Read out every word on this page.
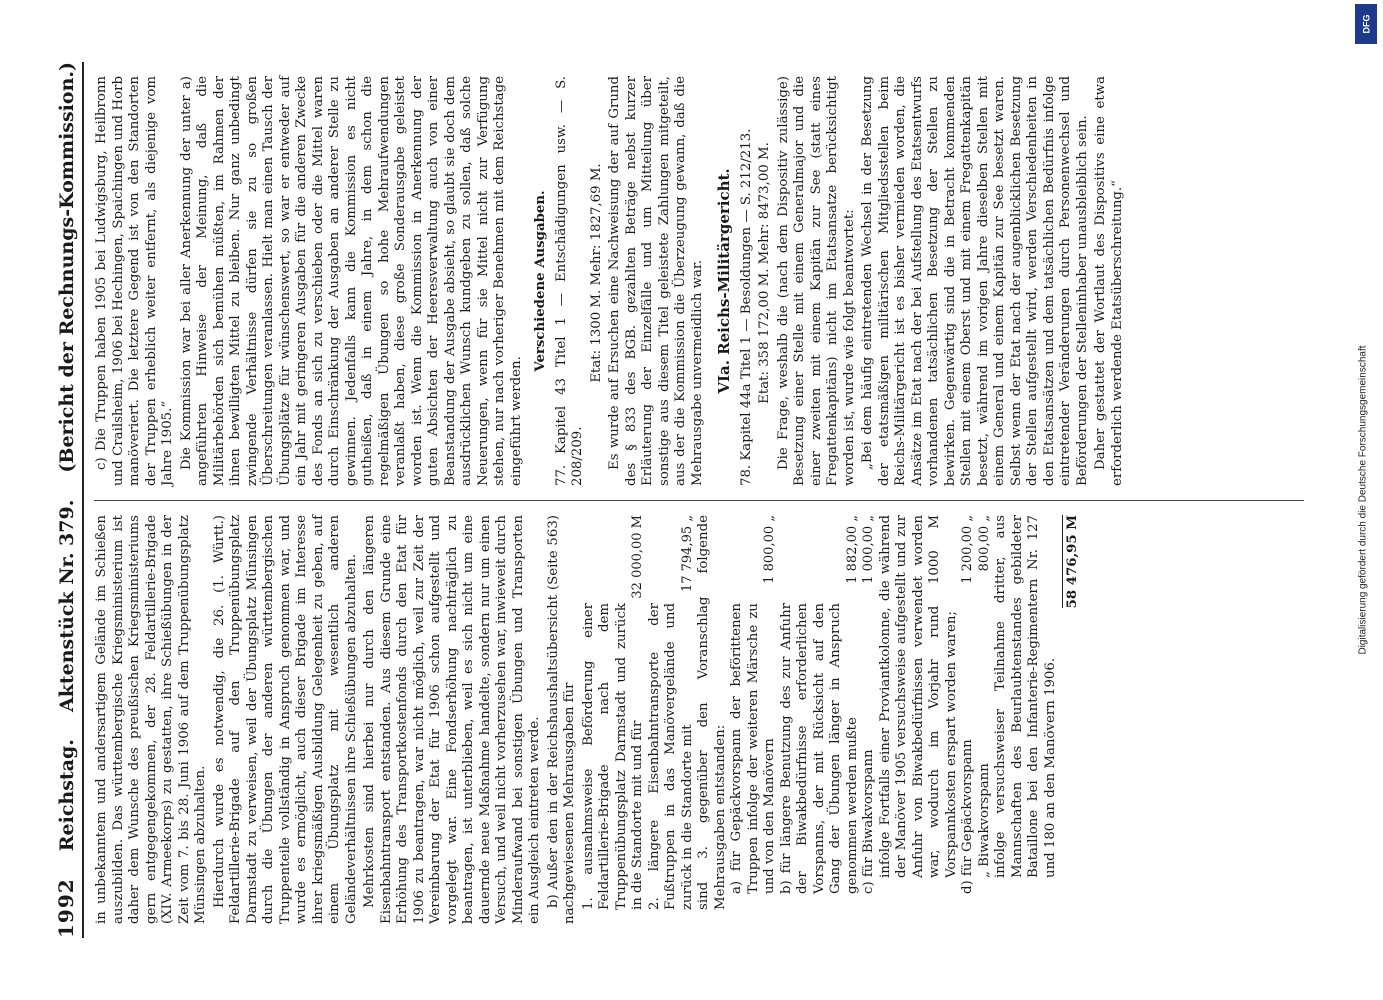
1992
Reichstag.
Aktenstück Nr. 379.
(Bericht der Rechnungs-Kommission.)

in unbekanntem und andersartigem Gelände im Schießen auszubilden. Das württembergische Kriegsministerium ist daher dem Wunsche des preußischen Kriegsministeriums gern entgegengekommen, der 28. Feldartillerie-Brigade (XIV. Armeekorps) zu gestatten, ihre Schießübungen in der Zeit vom 7. bis 28. Juni 1906 auf dem Truppenübungsplatz Münsingen abzuhalten. Hierdurch wurde es notwendig, die 26. (1. Württ.) Feldartillerie-Brigade auf den Truppenübungsplatz Darmstadt zu verweisen, weil der Übungsplatz Münsingen durch die Übungen der anderen württembergischen Truppenteile vollständig in Anspruch genommen war, und wurde es ermöglicht, auch dieser Brigade im Interesse ihrer kriegsmäßigen Ausbildung Gelegenheit zu geben, auf einem Übungsplatz mit wesentlich anderen Geländeverhältnissen ihre Schießübungen abzuhalten. Mehrkosten sind hierbei nur durch den längeren Eisenbahntransport entstanden. Aus diesem Grunde eine Erhöhung des Transportkostenfonds durch den Etat für 1906 zu beantragen, war nicht möglich, weil zur Zeit der Vereinbarung der Etat für 1906 schon aufgestellt und vorgelegt war. Eine Fondserhöhung nachträglich zu beantragen, ist unterblieben, weil es sich nicht um eine dauernde neue Maßnahme handelte, sondern nur um einen Versuch, und weil nicht vorherzusehen war, inwieweit durch Minderaufwand bei sonstigen Übungen und Transporten ein Ausgleich eintreten werde. b) Außer den in der Reichshaushaltsübersicht (Seite 563) nachgewiesenen Mehrausgaben für 1. ausnahmsweise Beförderung einer Feldartillerie-Brigade nach dem Truppenübungsplatz Darmstadt und zurück in die Standorte mit und für
32 000,00 M
2. längere Eisenbahntransporte der Fußtruppen in das Manövergelände und zurück in die Standorte mit
17 794,95 „ sind 3. gegenüber den Voranschlag folgende Mehrausgaben entstanden: a) für Gepäckvorspann der beförittenen Truppen infolge der weiteren Märsche zu und von den Manövern
1 800,00 „
b) für längere Benutzung des zur Anfuhr der Biwakbedürfnisse erforderlichen Vorspanns, der mit Rücksicht auf den Gang der Übungen länger in Anspruch genommen werden mußte
1 882,00 „
c) für Biwakvorspann
1 000,00 „ infolge Fortfalls einer Proviantkolonne, die während der Manöver 1905 versuchsweise aufgestellt und zur Anfuhr von Biwakbedürfnissen verwendet worden war, wodurch im Vorjahr rund 1000 M Vorspannkosten erspart worden waren; d) für Gepäckvorspann
1 200,00 „
„ Biwakvorspann
800,00 „ infolge versuchsweiser Teilnahme dritter, aus Mannschaften des Beurlaubtenstandes gebildeter Bataillone bei den Infanterie-Regimentern Nr. 127 und 180 an den Manövern 1906.
58 476,95 M

c) Die Truppen haben 1905 bei Ludwigsburg, Heilbronn und Crailsheim, 1906 bei Hechingen, Spaichingen und Horb manöveriert. Die letztere Gegend ist von den Standorten der Truppen erheblich weiter entfernt, als diejenige vom Jahre 1905.“ Die Kommission war bei aller Anerkennung der unter a) angeführten Hinweise der Meinung, daß die Militärbehörden sich bemühen müßten, im Rahmen der ihnen bewilligten Mittel zu bleiben. Nur ganz unbedingt zwingende Verhältnisse dürfen sie zu so großen Überschreitungen veranlassen. Hielt man einen Tausch der Übungsplätze für wünschenswert, so war er entweder auf ein Jahr mit geringeren Ausgaben für die anderen Zwecke des Fonds an sich zu verschieben oder die Mittel waren durch Einschränkung der Ausgaben an anderer Stelle zu gewinnen. Jedenfalls kann die Kommission es nicht gutheißen, daß in einem Jahre, in dem schon die regelmäßigen Übungen so hohe Mehraufwendungen veranlaßt haben, diese große Sonderausgabe geleistet worden ist. Wenn die Kommission in Anerkennung der guten Absichten der Heeresverwaltung auch von einer Beanstandung der Ausgabe absieht, so glaubt sie doch dem ausdrücklichen Wunsch kundgeben zu sollen, daß solche Neuerungen, wenn für sie Mittel nicht zur Verfügung stehen, nur nach vorheriger Benehmen mit dem Reichstage eingeführt werden.

Verschiedene Ausgaben. 77. Kapitel 43 Titel 1 — Entschädigungen usw. — S. 208/209.

Etat: 1300 M. Mehr: 1827,69 M. Es wurde auf Ersuchen eine Nachweisung der auf Grund des § 833 des BGB. gezahlten Beträge nebst kurzer Erläuterung der Einzelfälle und um Mitteilung über sonstige aus diesem Titel geleistete Zahlungen mitgeteilt, aus der die Kommission die Überzeugung gewann, daß die Mehrausgabe unvermeidlich war. VIa. Reichs-Militärgericht. 78. Kapitel 44a Titel 1 — Besoldungen — S. 212/213. Etat: 358 172,00 M. Mehr: 8473,00 M. Die Frage, weshalb die (nach dem Dispositiv zulässige) Besetzung einer Stelle mit einem Generalmajor und die einer zweiten mit einem Kapitän zur See (statt eines Fregattenkapitäns) nicht im Etatsansatze berücksichtigt worden ist, wurde wie folgt beantwortet: „Bei dem häufig eintretenden Wechsel in der Besetzung der etatsmäßigen militärischen Mitgliedsstellen beim Reichs-Militärgericht ist es bisher vermieden worden, die Ansätze im Etat nach der bei Aufstellung des Etatsentwurfs vorhandenen tatsächlichen Besetzung der Stellen zu bewirken. Gegenwärtig sind die in Betracht kommenden Stellen mit einem Oberst und mit einem Fregattenkapitän besetzt, während im vorigen Jahre dieselben Stellen mit einem General und einem Kapitän zur See besetzt waren. Selbst wenn der Etat nach der augenblicklichen Besetzung der Stellen aufgestellt wird, werden Verschiedenheiten in den Etatsansätzen und dem tatsächlichen Bedürfnis infolge eintretender Veränderungen durch Personenwechsel und Beförderungen der Stelleninhaber unausbleiblich sein. Daher gestattet der Wortlaut des Dispositivs eine etwa erforderlich werdende Etatsüberschreitung.“

DFG
Digitalisierung gefördert durch die Deutsche Forschungsgemeinschaft
